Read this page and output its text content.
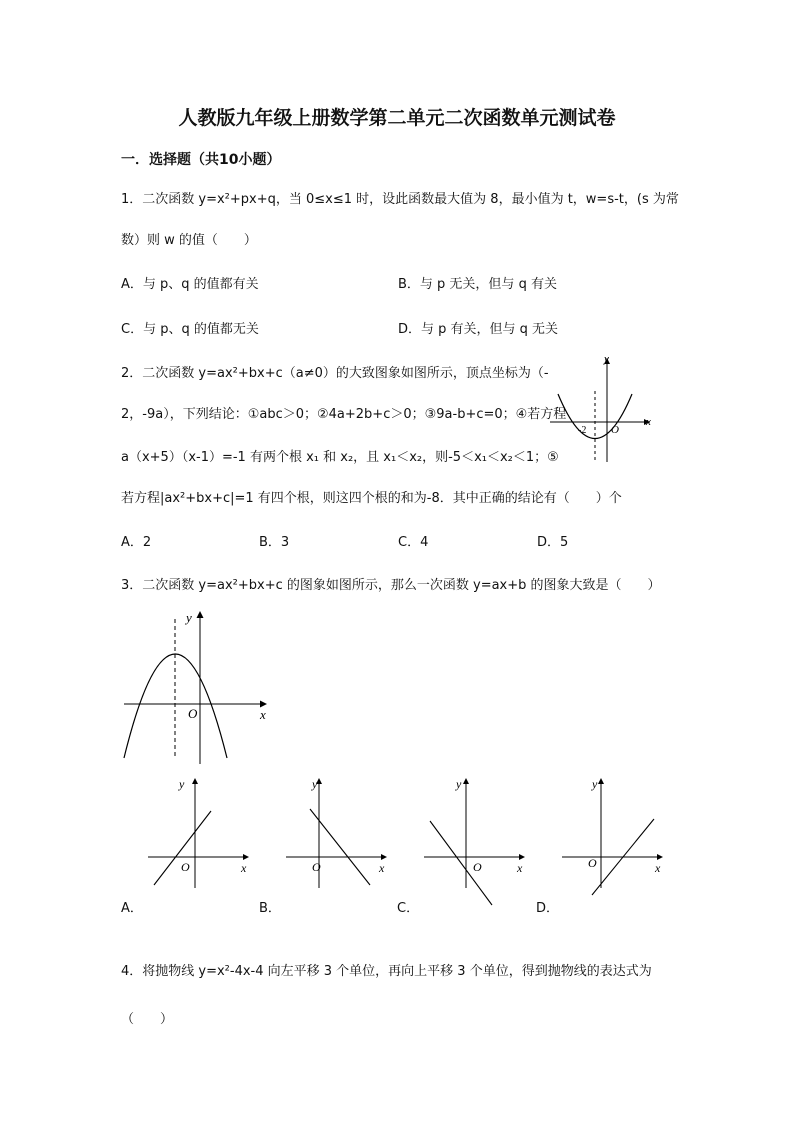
人教版九年级上册数学第二单元二次函数单元测试卷
一．选择题（共10小题）
1．二次函数 y=x²+px+q，当 0≤x≤1 时，设此函数最大值为 8，最小值为 t，w=s-t，(s 为常
数）则 w 的值（　　）
A．与 p、q 的值都有关	B．与 p 无关，但与 q 有关
C．与 p、q 的值都无关	D．与 p 有关，但与 q 无关
2．二次函数 y=ax²+bx+c（a≠0）的大致图象如图所示，顶点坐标为（-
2，-9a），下列结论：①abc＞0；②4a+2b+c＞0；③9a-b+c=0；④若方程
a（x+5）（x-1）=-1 有两个根 x₁ 和 x₂，且 x₁＜x₂，则-5＜x₁＜x₂＜1；⑤
若方程|ax²+bx+c|=1 有四个根，则这四个根的和为-8．其中正确的结论有（　　）个
x
y
O
-2
A．2	B．3	C．4	D．5
3．二次函数 y=ax²+bx+c 的图象如图所示，那么一次函数 y=ax+b 的图象大致是（　　）
x
y
O
x
y
O	x
y
O	x
y
O	x
y
O
A．	B．	C．	D．
4．将抛物线 y=x²-4x-4 向左平移 3 个单位，再向上平移 3 个单位，得到抛物线的表达式为
（　　）
